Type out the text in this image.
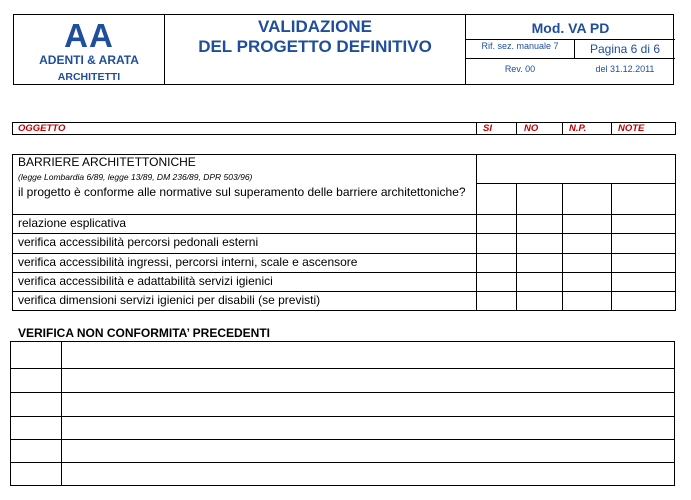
AA
ADENTI & ARATA
ARCHITETTI
VALIDAZIONE
DEL PROGETTO DEFINITIVO
Mod. VA PD
Rif. sez. manuale 7	Pagina 6 di 6
Rev. 00	del 31.12.2011
OGGETTO	SI	NO	N.P.	NOTE
BARRIERE ARCHITETTONICHE
(legge Lombardia 6/89, legge 13/89, DM 236/89, DPR 503/96)
il progetto è conforme alle normative sul superamento delle barriere architettoniche?
relazione esplicativa
verifica accessibilità percorsi pedonali esterni
verifica accessibilità ingressi, percorsi interni, scale e ascensore
verifica accessibilità e adattabilità servizi igienici
verifica dimensioni servizi igienici per disabili (se previsti)
VERIFICA NON CONFORMITA’ PRECEDENTI
